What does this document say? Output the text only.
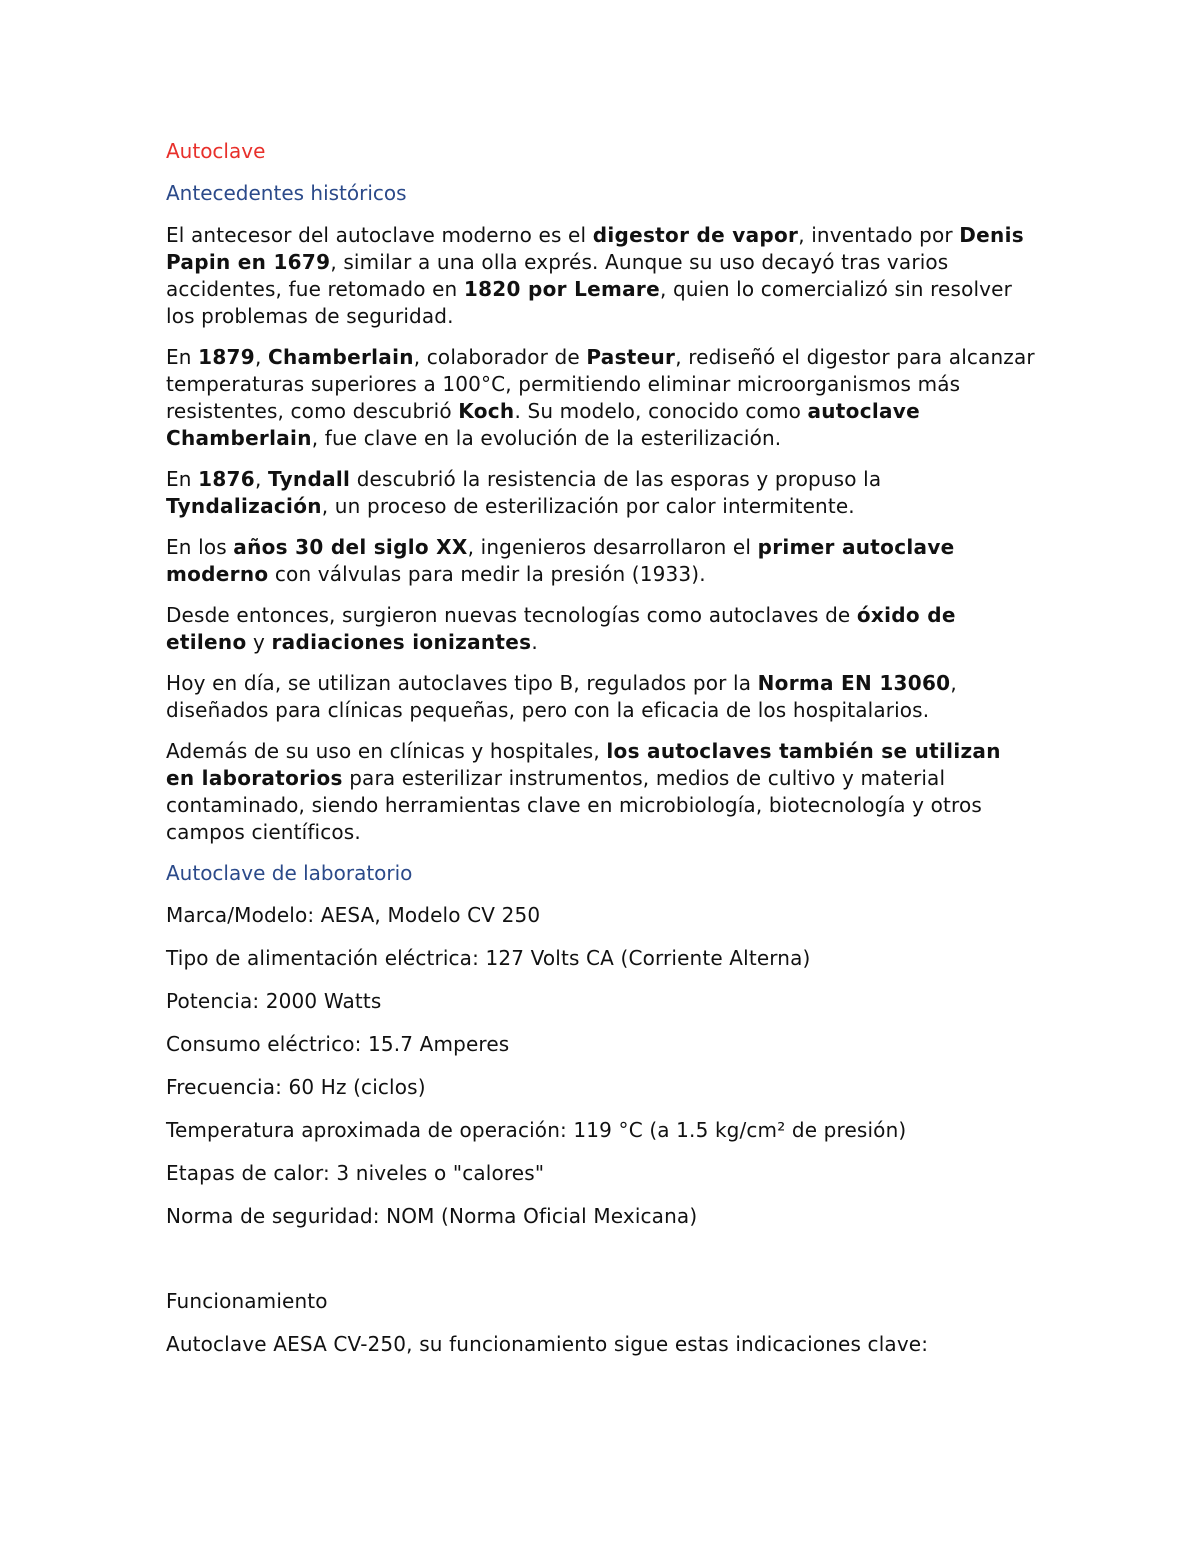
Autoclave
Antecedentes históricos

El antecesor del autoclave moderno es el digestor de vapor, inventado por Denis Papin en 1679, similar a una olla exprés. Aunque su uso decayó tras varios accidentes, fue retomado en 1820 por Lemare, quien lo comercializó sin resolver los problemas de seguridad.

En 1879, Chamberlain, colaborador de Pasteur, rediseñó el digestor para alcanzar temperaturas superiores a 100°C, permitiendo eliminar microorganismos más resistentes, como descubrió Koch. Su modelo, conocido como autoclave Chamberlain, fue clave en la evolución de la esterilización.

En 1876, Tyndall descubrió la resistencia de las esporas y propuso la Tyndalización, un proceso de esterilización por calor intermitente.

En los años 30 del siglo XX, ingenieros desarrollaron el primer autoclave moderno con válvulas para medir la presión (1933).

Desde entonces, surgieron nuevas tecnologías como autoclaves de óxido de etileno y radiaciones ionizantes.

Hoy en día, se utilizan autoclaves tipo B, regulados por la Norma EN 13060, diseñados para clínicas pequeñas, pero con la eficacia de los hospitalarios.

Además de su uso en clínicas y hospitales, los autoclaves también se utilizan en laboratorios para esterilizar instrumentos, medios de cultivo y material contaminado, siendo herramientas clave en microbiología, biotecnología y otros campos científicos.

Autoclave de laboratorio

Marca/Modelo: AESA, Modelo CV 250

Tipo de alimentación eléctrica: 127 Volts CA (Corriente Alterna)

Potencia: 2000 Watts

Consumo eléctrico: 15.7 Amperes

Frecuencia: 60 Hz (ciclos)

Temperatura aproximada de operación: 119 °C (a 1.5 kg/cm² de presión)

Etapas de calor: 3 niveles o "calores"

Norma de seguridad: NOM (Norma Oficial Mexicana)

Funcionamiento

Autoclave AESA CV-250, su funcionamiento sigue estas indicaciones clave:
